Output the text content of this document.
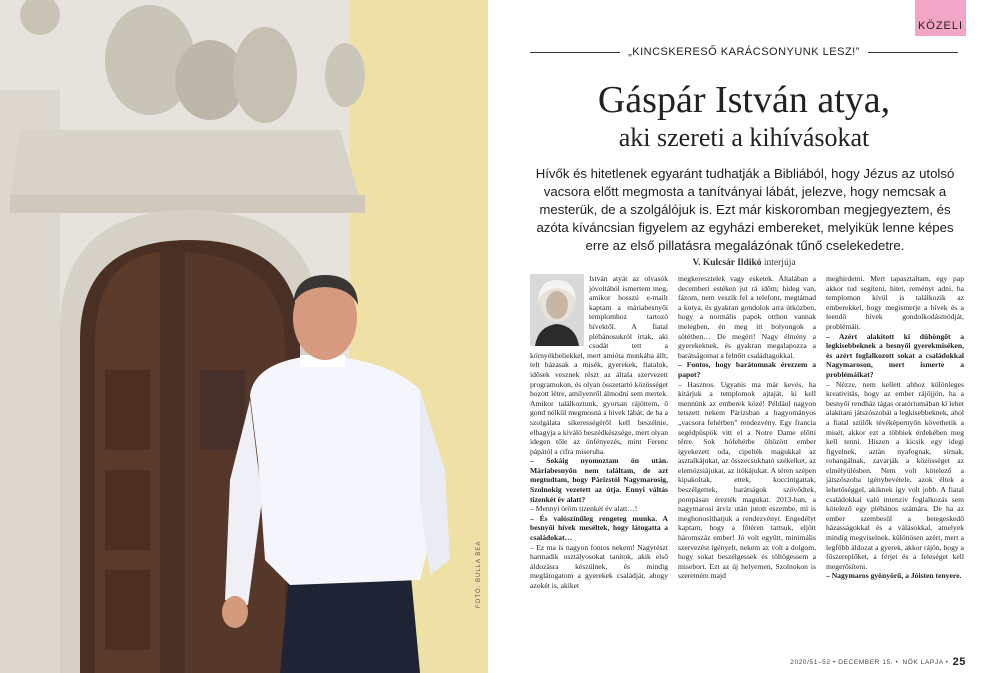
FOTÓ: BULLA BEA
KÖZELI
„KINCSKERESŐ KARÁCSONYUNK LESZ!”
Gáspár István atya,
aki szereti a kihívásokat
Hívők és hitetlenek egyaránt tudhatják a Bibliából, hogy Jézus az utolsó vacsora előtt megmosta a tanítványai lábát, jelezve, hogy nemcsak a mesterük, de a szolgálójuk is. Ezt már kiskoromban megjegyeztem, és azóta kíváncsian figyelem az egyházi embereket, melyikük lenne képes erre az első pillatásra megalázónak tűnő cselekedetre.
V. Kulcsár Ildikó interjúja

István atyát az olvasók jóvoltából ismertem meg, amikor hosszú e-mailt kaptam a máriabesnyői templomhoz tartozó hívektől. A fiatal plébánosukról írtak, aki csodát tett a környékbeliekkel, mert amióta munkába állt, telt házasak a misék, gyerekek, fiatalok, idősek vesznek részt az általa szervezett programokon, és olyan összetartó közösséget hozott létre, amilyenről álmodni sem mertek. Amikor találkoztunk, gyorsan rájöttem, ő gond nélkül megmosná a hívek lábát, de ha a szolgálata sikerességéről kell beszélnie, elhagyja a kiváló beszédkészsége, mert olyan idegen tőle az önfényezés, mint Ferenc pápától a cifra miseruha.

– Sokáig nyomoztam ön után. Máriabesnyőn nem találtam, de azt megtudtam, hogy Párizstól Nagymarosig, Szolnokig vezetett az útja. Ennyi váltás tizenkét év alatt?

– Mennyi öröm tizenkét év alatt…!

– És valószínűleg rengeteg munka. A besnyői hívek meséltek, hogy látogatta a családokat…

– Ez ma is nagyon fontos nekem! Nagyrészt harmadik osztályosokat tanítok, akik első áldozásra készülnek, és mindig meglátogatom a gyerekek családját, ahogy azokét is, akiket

megkeresztelek vagy esketek. Általában a decemberi estéken jut rá időm; hideg van, fázom, nem veszik fel a telefont, megtámad a kutya, és gyakran gondolok arra útközben, hogy a normális papok otthon vannak melegben, én meg itt bolyongok a sötétben… De megéri! Nagy élmény a gyerekeknek, és gyakran megalapozza a barátságomat a felnőtt családtagokkal.

– Fontos, hogy barátomnak érezzem a papot?

– Hasznos. Ugyanis ma már kevés, ha kitárjuk a templomok ajtaját, ki kell mennünk az emberek közé! Például nagyon tetszett nekem Párizsban a hagyományos „vacsora fehérben” rendezvény. Egy francia segédpüspök vitt el a Notre Dame előtti térre. Sok hófehérbe öltözött ember igyekezett oda, cipelték magukkal az asztalkájukat, az összecsukható székeiket, az elemózsiájukat, az itókájukat. A téren szépen kipakoltak, ettek, koccintgattak, beszélgettek, barátságok szövődtek, pompásan érezték magukat. 2013-ban, a nagymarosi árvíz után jutott eszembe, mi is meghonosíthatjuk a rendezvényt. Engedélyt kaptam, hogy a főtéren tartsuk, eljött háromszáz ember! Jó volt együtt, minimális szervezést igényelt, nekem az volt a dolgom, hogy sokat beszélgessek és töltögessem a misebort. Ezt az új helyemen, Szolnokon is szeretném majd

meghirdetni. Mert tapasztaltam, egy pap akkor tud segíteni, hitet, reményt adni, ha templomon kívül is találkozik az emberekkel, hogy megismerje a hívek és a leendő hívek gondolkodásmódját, problémáit.

– Azért alakított ki dühöngőt a legkisebbeknek a besnyői gyerekmiséken, és azért foglalkozott sokat a családokkal Nagymaroson, mert ismerte a problémáikat?

– Nézze, nem kellett ahhoz különleges kreativitás, hogy az ember rájöjjön, ha a besnyői rendház tágas oratóriumában kí lehet alakítani játszószobát a legkisebbeknek, ahol a fiatal szülők tévéképernyőn követhetik a misét, akkor ezt a többiek érdekében meg kell tenni. Hiszen a kicsik egy idegi figyelnek, aztán nyafognak, sírnak, rohangálnak, zavarják a közösséget az elmélyülésben. Nem volt kötelező a játszószoba igénybevétele, azok éltek a lehetőséggel, akiknek így volt jobb. A fiatal családokkal való intenzív foglalkozás sem kötelező egy plébános számára. De ha az ember szembesül a betegeskedő házasságokkal és a válásokkal, amelyek mindig megviselnek, különösen azért, mert a legfőbb áldozat a gyerek, akkor rájön, hogy a főszereplőket, a férjet és a feleséget kell megerősíteni.

– Nagymaros gyönyörű, a Jóisten tenyere.

2020/51–52 • DECEMBER 15. • NŐK LAPJA • 25
